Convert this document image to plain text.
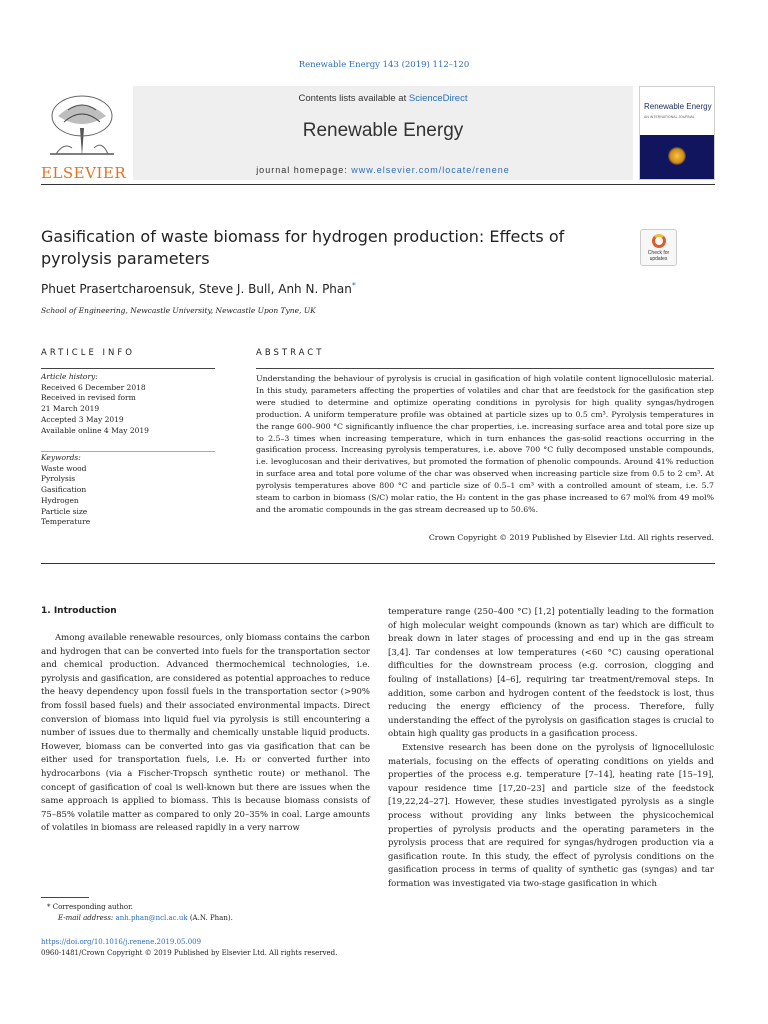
Renewable Energy 143 (2019) 112–120
ELSEVIER
Contents lists available at ScienceDirect
Renewable Energy
journal homepage: www.elsevier.com/locate/renene
Renewable Energy
AN INTERNATIONAL JOURNAL
Gasification of waste biomass for hydrogen production: Effects of pyrolysis parameters	Check for updates
Phuet Prasertcharoensuk, Steve J. Bull, Anh N. Phan*
School of Engineering, Newcastle University, Newcastle Upon Tyne, UK
ARTICLE INFO	ABSTRACT
Article history:
Received 6 December 2018
Received in revised form
21 March 2019
Accepted 3 May 2019
Available online 4 May 2019
Keywords:
Waste wood
Pyrolysis
Gasification
Hydrogen
Particle size
Temperature
Understanding the behaviour of pyrolysis is crucial in gasification of high volatile content lignocellulosic material. In this study, parameters affecting the properties of volatiles and char that are feedstock for the gasification step were studied to determine and optimize operating conditions in pyrolysis for high quality syngas/hydrogen production. A uniform temperature profile was obtained at particle sizes up to 0.5 cm³. Pyrolysis temperatures in the range 600–900 °C significantly influence the char properties, i.e. increasing surface area and total pore size up to 2.5–3 times when increasing temperature, which in turn enhances the gas-solid reactions occurring in the gasification process. Increasing pyrolysis temperatures, i.e. above 700 °C fully decomposed unstable compounds, i.e. levoglucosan and their derivatives, but promoted the formation of phenolic compounds. Around 41% reduction in surface area and total pore volume of the char was observed when increasing particle size from 0.5 to 2 cm³. At pyrolysis temperatures above 800 °C and particle size of 0.5–1 cm³ with a controlled amount of steam, i.e. 5.7 steam to carbon in biomass (S/C) molar ratio, the H₂ content in the gas phase increased to 67 mol% from 49 mol% and the aromatic compounds in the gas stream decreased up to 50.6%.
Crown Copyright © 2019 Published by Elsevier Ltd. All rights reserved.
1. Introduction

Among available renewable resources, only biomass contains the carbon and hydrogen that can be converted into fuels for the transportation sector and chemical production. Advanced thermochemical technologies, i.e. pyrolysis and gasification, are considered as potential approaches to reduce the heavy dependency upon fossil fuels in the transportation sector (>90% from fossil based fuels) and their associated environmental impacts. Direct conversion of biomass into liquid fuel via pyrolysis is still encountering a number of issues due to thermally and chemically unstable liquid products. However, biomass can be converted into gas via gasification that can be either used for transportation fuels, i.e. H₂ or converted further into hydrocarbons (via a Fischer-Tropsch synthetic route) or methanol. The concept of gasification of coal is well-known but there are issues when the same approach is applied to biomass. This is because biomass consists of 75–85% volatile matter as compared to only 20–35% in coal. Large amounts of volatiles in biomass are released rapidly in a very narrow

temperature range (250–400 °C) [1,2] potentially leading to the formation of high molecular weight compounds (known as tar) which are difficult to break down in later stages of processing and end up in the gas stream [3,4]. Tar condenses at low temperatures (<60 °C) causing operational difficulties for the downstream process (e.g. corrosion, clogging and fouling of installations) [4–6], requiring tar treatment/removal steps. In addition, some carbon and hydrogen content of the feedstock is lost, thus reducing the energy efficiency of the process. Therefore, fully understanding the effect of the pyrolysis on gasification stages is crucial to obtain high quality gas products in a gasification process.

Extensive research has been done on the pyrolysis of lignocellulosic materials, focusing on the effects of operating conditions on yields and properties of the process e.g. temperature [7–14], heating rate [15–19], vapour residence time [17,20–23] and particle size of the feedstock [19,22,24–27]. However, these studies investigated pyrolysis as a single process without providing any links between the physicochemical properties of pyrolysis products and the operating parameters in the pyrolysis process that are required for syngas/hydrogen production via a gasification route. In this study, the effect of pyrolysis conditions on the gasification process in terms of quality of synthetic gas (syngas) and tar formation was investigated via two-stage gasification in which

* Corresponding author.
E-mail address: anh.phan@ncl.ac.uk (A.N. Phan).
https://doi.org/10.1016/j.renene.2019.05.009
0960-1481/Crown Copyright © 2019 Published by Elsevier Ltd. All rights reserved.
